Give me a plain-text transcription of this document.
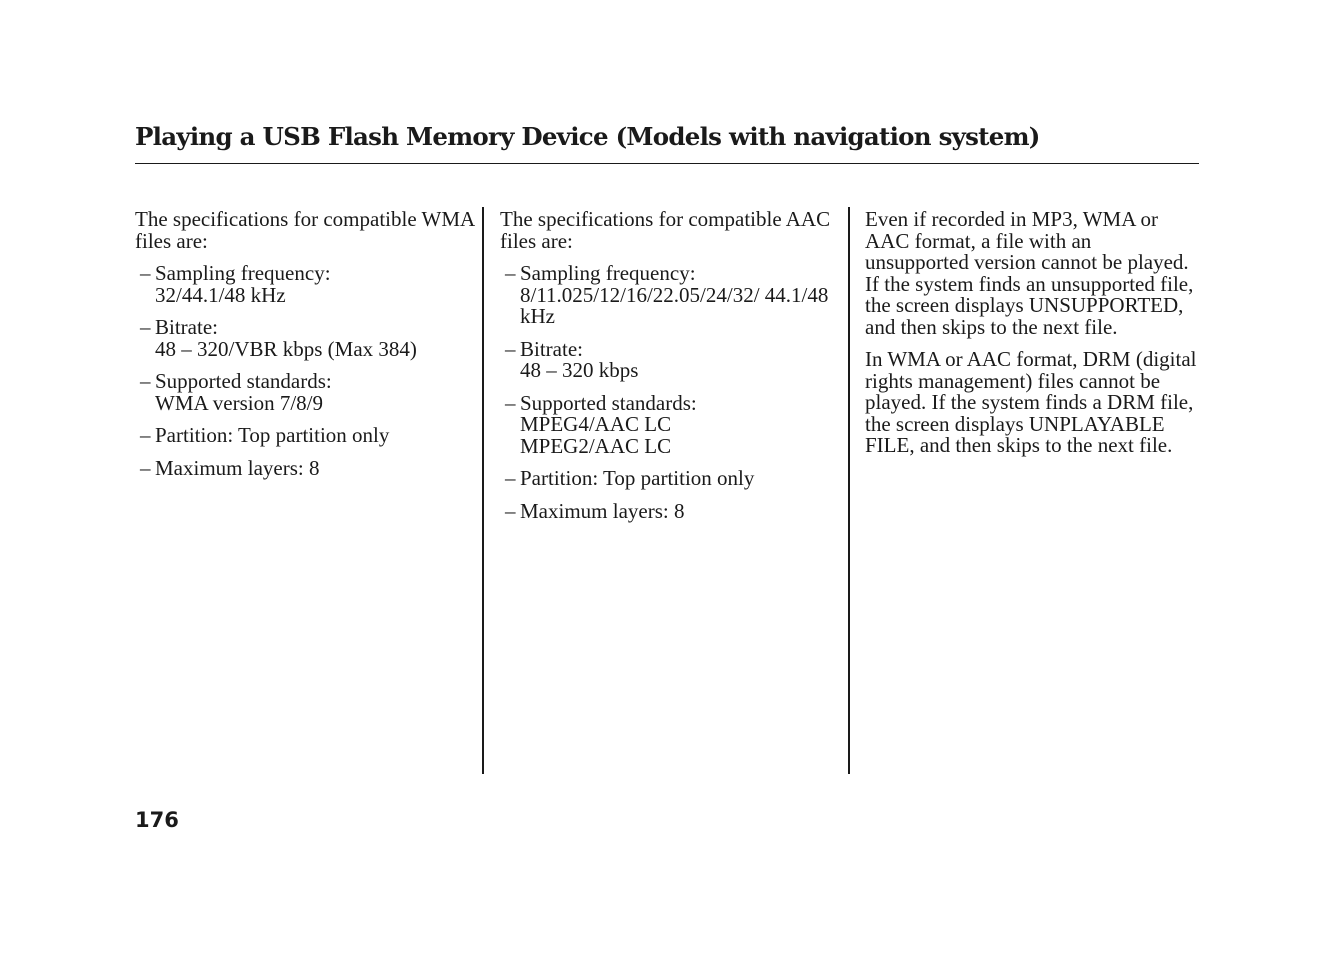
Playing a USB Flash Memory Device (Models with navigation system)

The specifications for compatible WMA files are:

– Sampling frequency:
32/44.1/48 kHz
– Bitrate:
48 – 320/VBR kbps (Max 384)
– Supported standards:
WMA version 7/8/9
– Partition: Top partition only
– Maximum layers: 8

The specifications for compatible AAC files are:

– Sampling frequency:
8/11.025/12/16/22.05/24/32/ 44.1/48 kHz
– Bitrate:
48 – 320 kbps
– Supported standards:
MPEG4/AAC LC
MPEG2/AAC LC
– Partition: Top partition only
– Maximum layers: 8

Even if recorded in MP3, WMA or AAC format, a file with an unsupported version cannot be played. If the system finds an unsupported file, the screen displays UNSUPPORTED, and then skips to the next file.

In WMA or AAC format, DRM (digital rights management) files cannot be played. If the system finds a DRM file, the screen displays UNPLAYABLE FILE, and then skips to the next file.

176
